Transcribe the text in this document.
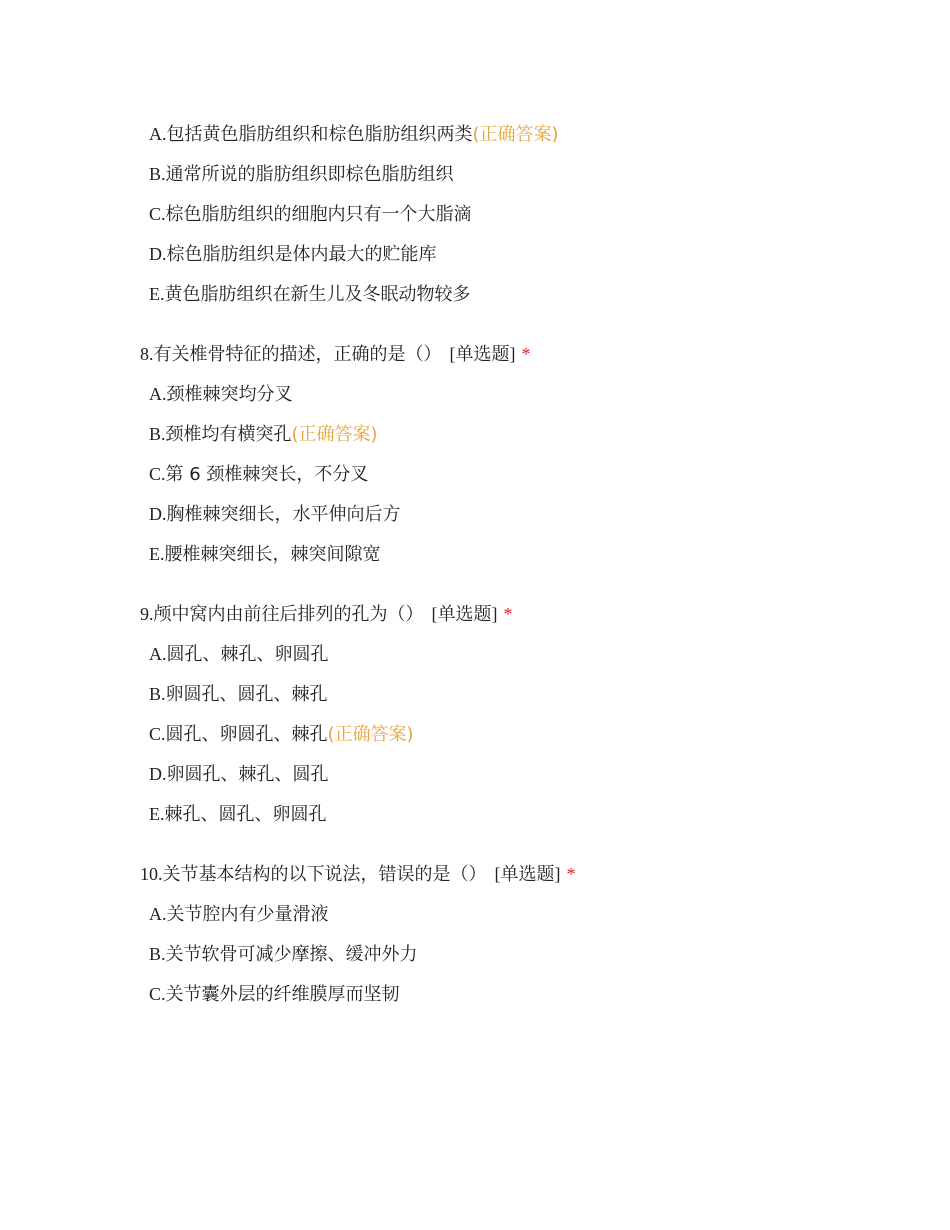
A.包括黄色脂肪组织和棕色脂肪组织两类(正确答案)
B.通常所说的脂肪组织即棕色脂肪组织
C.棕色脂肪组织的细胞内只有一个大脂滴
D.棕色脂肪组织是体内最大的贮能库
E.黄色脂肪组织在新生儿及冬眠动物较多
8.有关椎骨特征的描述，正确的是（） [单选题] *
A.颈椎棘突均分叉
B.颈椎均有横突孔(正确答案)
C.第 6 颈椎棘突长，不分叉
D.胸椎棘突细长，水平伸向后方
E.腰椎棘突细长，棘突间隙宽
9.颅中窝内由前往后排列的孔为（） [单选题] *
A.圆孔、棘孔、卵圆孔
B.卵圆孔、圆孔、棘孔
C.圆孔、卵圆孔、棘孔(正确答案)
D.卵圆孔、棘孔、圆孔
E.棘孔、圆孔、卵圆孔
10.关节基本结构的以下说法，错误的是（） [单选题] *
A.关节腔内有少量滑液
B.关节软骨可减少摩擦、缓冲外力
C.关节囊外层的纤维膜厚而坚韧
